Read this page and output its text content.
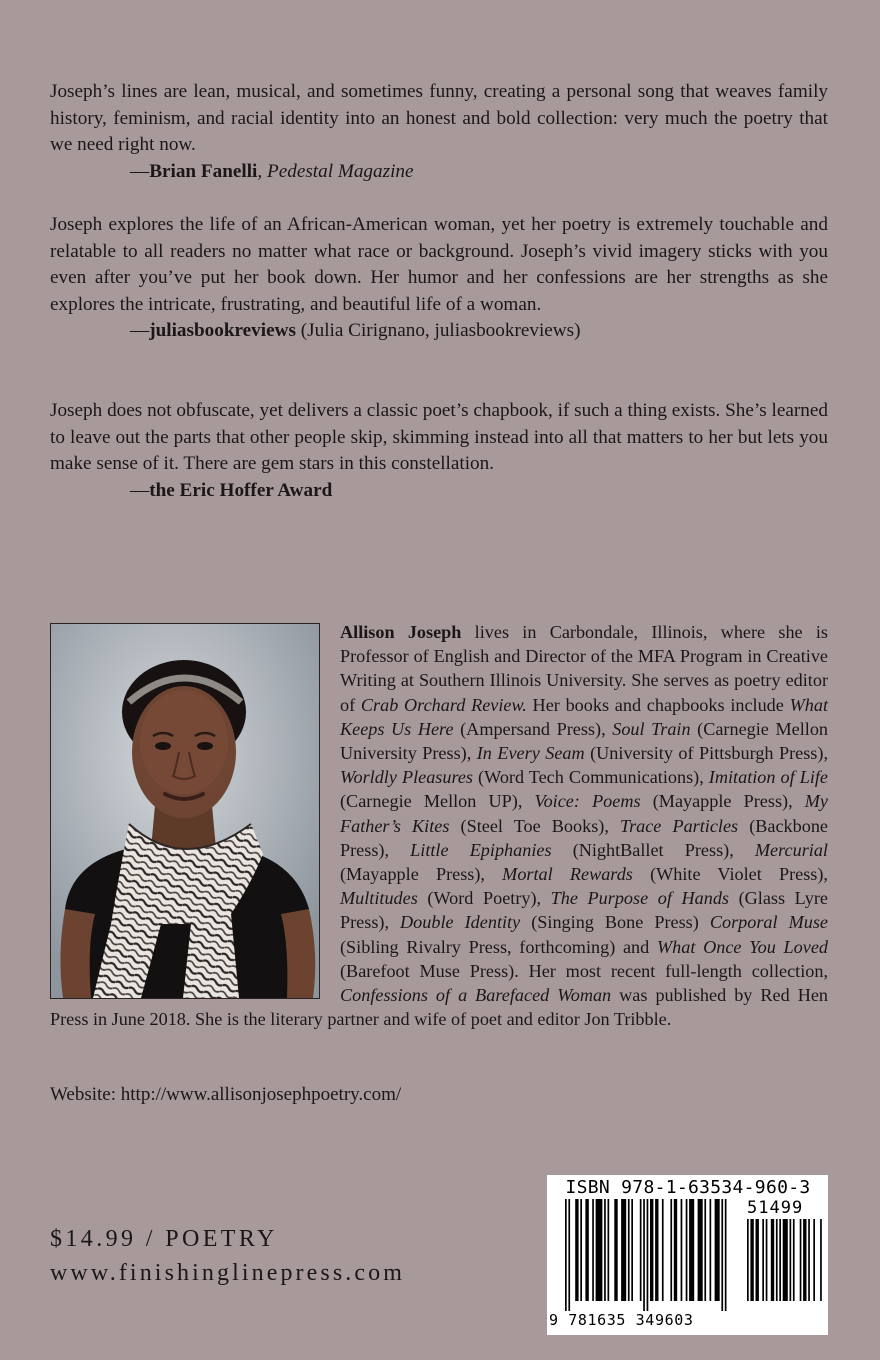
Joseph’s lines are lean, musical, and sometimes funny, creating a personal song that weaves family history, feminism, and racial identity into an honest and bold collection: very much the poetry that we need right now.

—Brian Fanelli, Pedestal Magazine

Joseph explores the life of an African-American woman, yet her poetry is extremely touchable and relatable to all readers no matter what race or background. Joseph’s vivid imagery sticks with you even after you’ve put her book down. Her humor and her confessions are her strengths as she explores the intricate, frustrating, and beautiful life of a woman.

—juliasbookreviews (Julia Cirignano, juliasbookreviews)

Joseph does not obfuscate, yet delivers a classic poet’s chapbook, if such a thing exists. She’s learned to leave out the parts that other people skip, skimming instead into all that matters to her but lets you make sense of it. There are gem stars in this constellation.

—the Eric Hoffer Award

Allison Joseph lives in Carbondale, Illinois, where she is Professor of English and Director of the MFA Program in Creative Writing at Southern Illinois University. She serves as poetry editor of Crab Orchard Review. Her books and chapbooks include What Keeps Us Here (Ampersand Press), Soul Train (Carnegie Mellon University Press), In Every Seam (University of Pittsburgh Press), Worldly Pleasures (Word Tech Communications), Imitation of Life (Carnegie Mellon UP), Voice: Poems (Mayapple Press), My Father’s Kites (Steel Toe Books), Trace Particles (Backbone Press), Little Epiphanies (NightBallet Press), Mercurial (Mayapple Press), Mortal Rewards (White Violet Press), Multitudes (Word Poetry), The Purpose of Hands (Glass Lyre Press), Double Identity (Singing Bone Press) Corporal Muse (Sibling Rivalry Press, forthcoming) and What Once You Loved (Barefoot Muse Press). Her most recent full-length collection, Confessions of a Barefaced Woman was published by Red Hen Press in June 2018. She is the literary partner and wife of poet and editor Jon Tribble.
Website: http://www.allisonjosephpoetry.com/
$14.99 / POETRY
www.finishinglinepress.com
ISBN 978-1-63534-960-3
51499
9 781635 349603
